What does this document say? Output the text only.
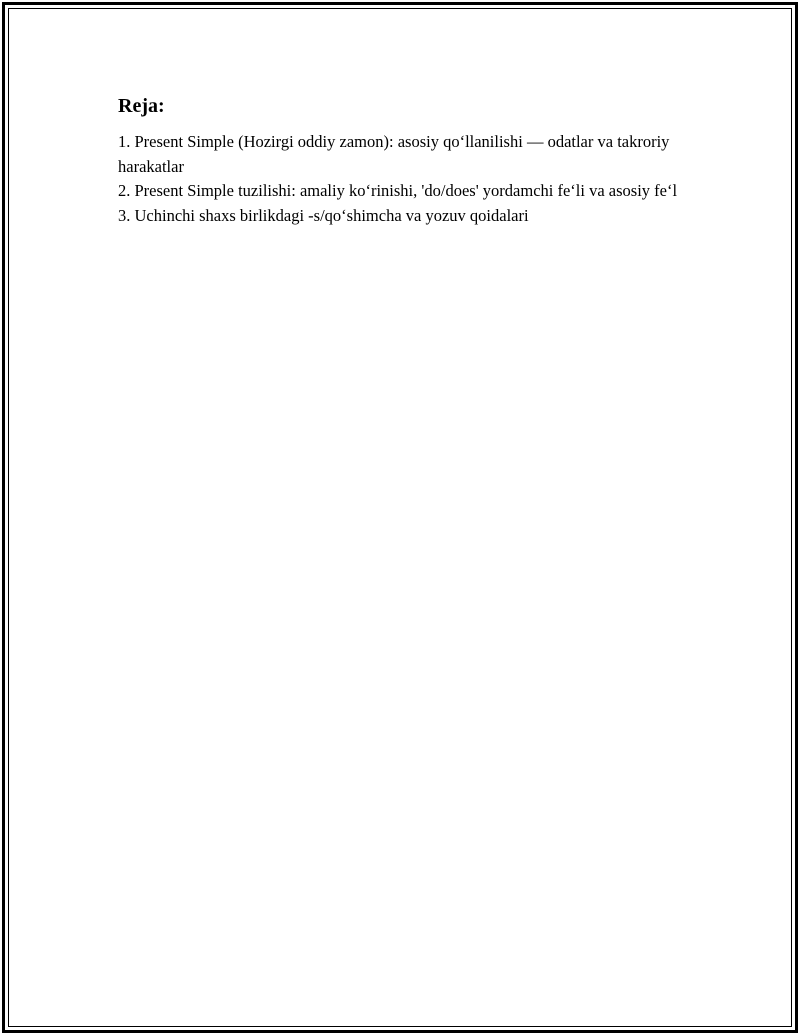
Reja:
1. Present Simple (Hozirgi oddiy zamon): asosiy qo‘llanilishi — odatlar va takroriy harakatlar
2. Present Simple tuzilishi: amaliy ko‘rinishi, 'do/does' yordamchi fe‘li va asosiy fe‘l
3. Uchinchi shaxs birlikdagi -s/qo‘shimcha va yozuv qoidalari
